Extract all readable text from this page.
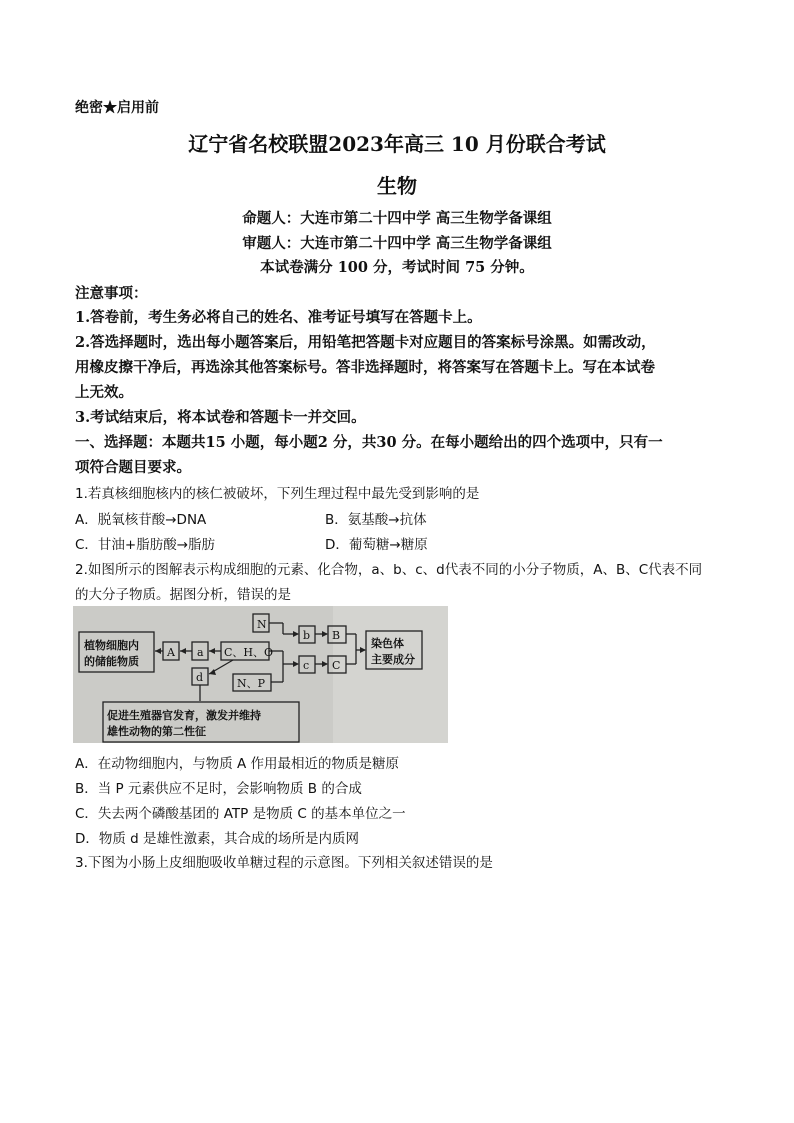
绝密★启用前
辽宁省名校联盟2023年高三 10 月份联合考试
生物
命题人：大连市第二十四中学 高三生物学备课组
审题人：大连市第二十四中学 高三生物学备课组
本试卷满分 100 分，考试时间 75 分钟。
注意事项：
1.答卷前，考生务必将自己的姓名、准考证号填写在答题卡上。
2.答选择题时，选出每小题答案后，用铅笔把答题卡对应题目的答案标号涂黑。如需改动，
用橡皮擦干净后，再选涂其他答案标号。答非选择题时，将答案写在答题卡上。写在本试卷
上无效。
3.考试结束后，将本试卷和答题卡一并交回。
一、选择题：本题共15 小题，每小题2 分，共30 分。在每小题给出的四个选项中，只有一
项符合题目要求。
1.若真核细胞核内的核仁被破坏，下列生理过程中最先受到影响的是
A．脱氧核苷酸→DNA	B．氨基酸→抗体
C．甘油+脂肪酸→脂肪	D．葡萄糖→糖原
2.如图所示的图解表示构成细胞的元素、化合物，a、b、c、d代表不同的小分子物质，A、B、C代表不同
的大分子物质。据图分析，错误的是
植物细胞内
的储能物质
A a C、H、O
N
b B
c C
N、P
d
染色体
主要成分
促进生殖器官发育，激发并维持
雄性动物的第二性征
A．在动物细胞内，与物质 A 作用最相近的物质是糖原
B．当 P 元素供应不足时，会影响物质 B 的合成
C．失去两个磷酸基团的 ATP 是物质 C 的基本单位之一
D．物质 d 是雄性激素，其合成的场所是内质网
3.下图为小肠上皮细胞吸收单糖过程的示意图。下列相关叙述错误的是
